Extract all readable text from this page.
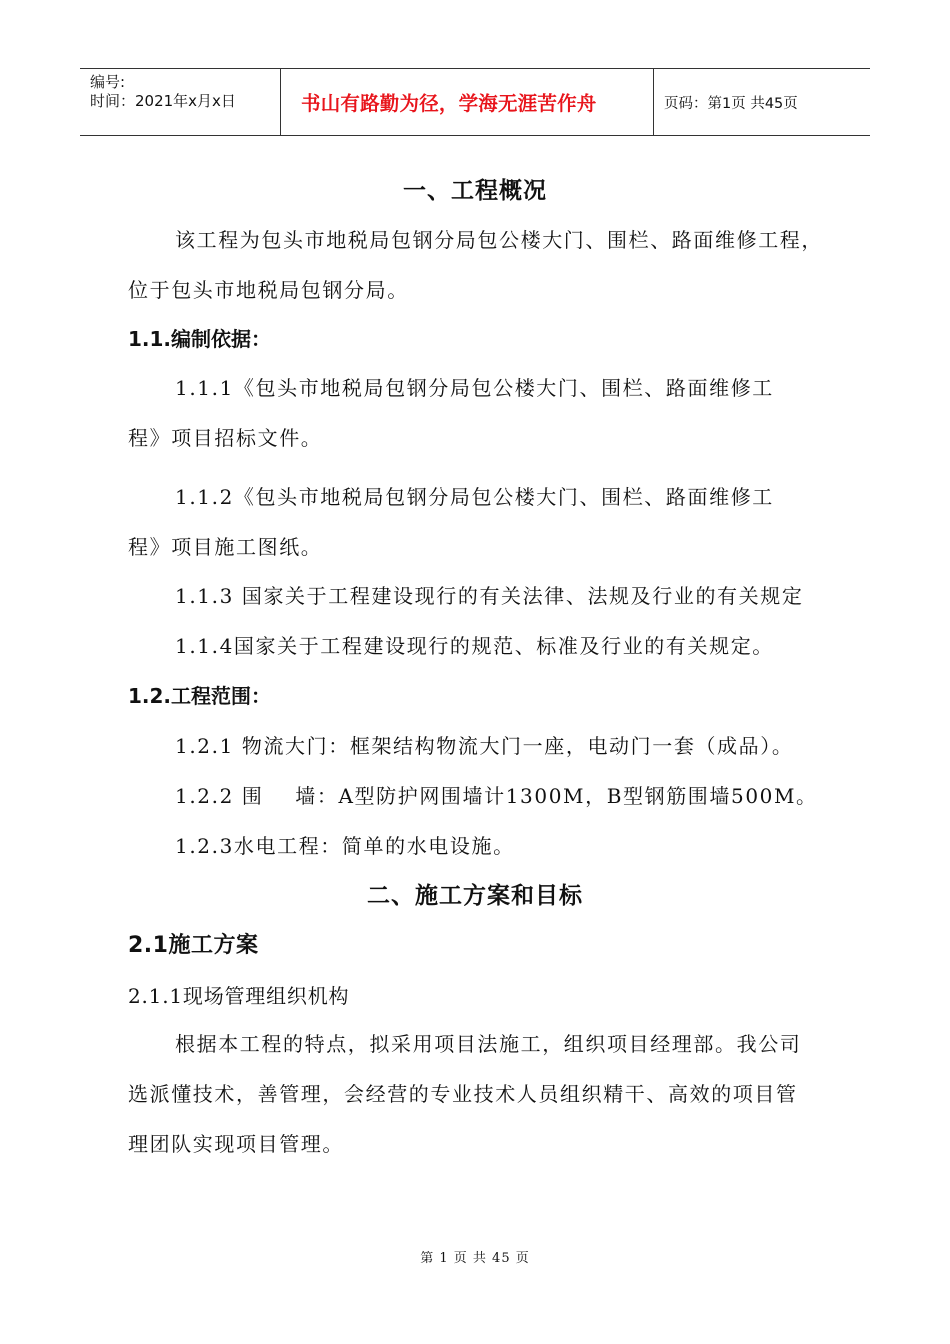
编号:
时间：2021年x月x日	书山有路勤为径，学海无涯苦作舟	页码：第1页 共45页
一、工程概况
该工程为包头市地税局包钢分局包公楼大门、围栏、路面维修工程，
位于包头市地税局包钢分局。
1.1.编制依据：
1.1.1《包头市地税局包钢分局包公楼大门、围栏、路面维修工
程》项目招标文件。
1.1.2《包头市地税局包钢分局包公楼大门、围栏、路面维修工
程》项目施工图纸。
1.1.3 国家关于工程建设现行的有关法律、法规及行业的有关规定
1.1.4国家关于工程建设现行的规范、标准及行业的有关规定。
1.2.工程范围：
1.2.1 物流大门：框架结构物流大门一座，电动门一套（成品）。
1.2.2 围    墙：A型防护网围墙计1300M，B型钢筋围墙500M。
1.2.3水电工程：简单的水电设施。
二、施工方案和目标
2.1施工方案
2.1.1现场管理组织机构
根据本工程的特点，拟采用项目法施工，组织项目经理部。我公司
选派懂技术，善管理，会经营的专业技术人员组织精干、高效的项目管
理团队实现项目管理。
第 1 页 共 45 页
